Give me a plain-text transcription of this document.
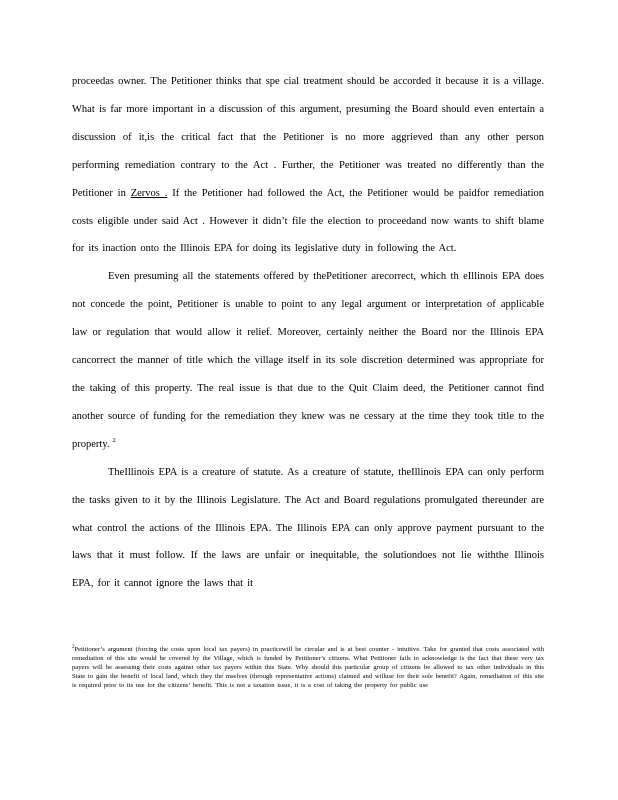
proceedas owner. The Petitioner thinks that spe cial treatment should be accorded it because it is a village. What is far more important in a discussion of this argument, presuming the Board should even entertain a discussion of it,is the critical fact that the Petitioner is no more aggrieved than any other person performing remediation contrary to the Act . Further, the Petitioner was treated no differently than the Petitioner in Zervos . If the Petitioner had followed the Act, the Petitioner would be paidfor remediation costs eligible under said Act . However it didn’t file the election to proceedand now wants to shift blame for its inaction onto the Illinois EPA for doing its legislative duty in following the Act.

Even presuming all the statements offered by thePetitioner arecorrect, which th eIllinois EPA does not concede the point, Petitioner is unable to point to any legal argument or interpretation of applicable law or regulation that would allow it relief. Moreover, certainly neither the Board nor the Illinois EPA cancorrect the manner of title which the village itself in its sole discretion determined was appropriate for the taking of this property. The real issue is that due to the Quit Claim deed, the Petitioner cannot find another source of funding for the remediation they knew was ne cessary at the time they took title to the property. $^2$

TheIllinois EPA is a creature of statute. As a creature of statute, theIllinois EPA can only perform the tasks given to it by the Illinois Legislature. The Act and Board regulations promulgated thereunder are what control the actions of the Illinois EPA. The Illinois EPA can only approve payment pursuant to the laws that it must follow. If the laws are unfair or inequitable, the solutiondoes not lie withthe Illinois EPA, for it cannot ignore the laws that it

$^2$Petitioner’s argument (forcing the costs upon local tax payers) in practicewill be circular and is at best counter - intuitive. Take for granted that costs associated with remediation of this site would be covered by the Village, which is funded by Petitioner’s citizens. What Petitioner fails to acknowledge is the fact that these very tax payers will be assessing their costs against other tax payers within this State. Why should this particular group of citizens be allowed to tax other individuals in this State to gain the benefit of local land, which they the mselves (through representative actions) claimed and willuse for their sole benefit? Again, remediation of this site is required prior to its use for the citizens’ benefit. This is not a taxation issue, it is a cost of taking the property for public use
